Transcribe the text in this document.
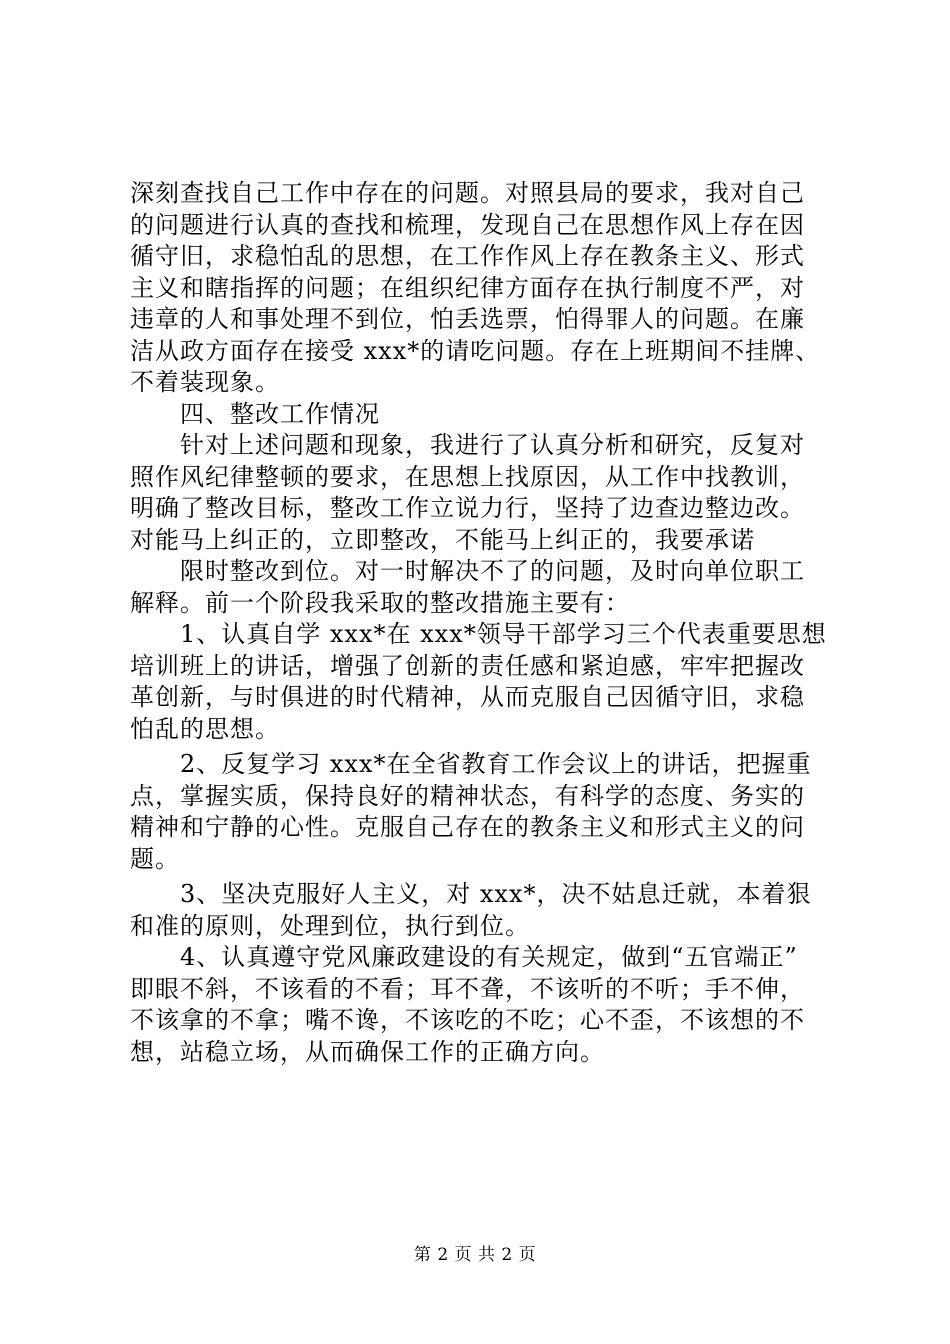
深刻查找自己工作中存在的问题。对照县局的要求，我对自己

的问题进行认真的查找和梳理，发现自己在思想作风上存在因

循守旧，求稳怕乱的思想，在工作作风上存在教条主义、形式

主义和瞎指挥的问题；在组织纪律方面存在执行制度不严，对

违章的人和事处理不到位，怕丢选票，怕得罪人的问题。在廉

洁从政方面存在接受 xxx*的请吃问题。存在上班期间不挂牌、

不着装现象。

　　四、整改工作情况

　　针对上述问题和现象，我进行了认真分析和研究，反复对

照作风纪律整顿的要求，在思想上找原因，从工作中找教训，

明确了整改目标，整改工作立说力行，坚持了边查边整边改。

对能马上纠正的，立即整改，不能马上纠正的，我要承诺

　　限时整改到位。对一时解决不了的问题，及时向单位职工

解释。前一个阶段我采取的整改措施主要有：

　　1、认真自学 xxx*在 xxx*领导干部学习三个代表重要思想

培训班上的讲话，增强了创新的责任感和紧迫感，牢牢把握改

革创新，与时俱进的时代精神，从而克服自己因循守旧，求稳

怕乱的思想。

　　2、反复学习 xxx*在全省教育工作会议上的讲话，把握重

点，掌握实质，保持良好的精神状态，有科学的态度、务实的

精神和宁静的心性。克服自己存在的教条主义和形式主义的问

题。

　　3、坚决克服好人主义，对 xxx*，决不姑息迁就，本着狠

和准的原则，处理到位，执行到位。

　　4、认真遵守党风廉政建设的有关规定，做到“五官端正”

即眼不斜，不该看的不看；耳不聋，不该听的不听；手不伸，

不该拿的不拿；嘴不谗，不该吃的不吃；心不歪，不该想的不

想，站稳立场，从而确保工作的正确方向。

第 2 页 共 2 页
